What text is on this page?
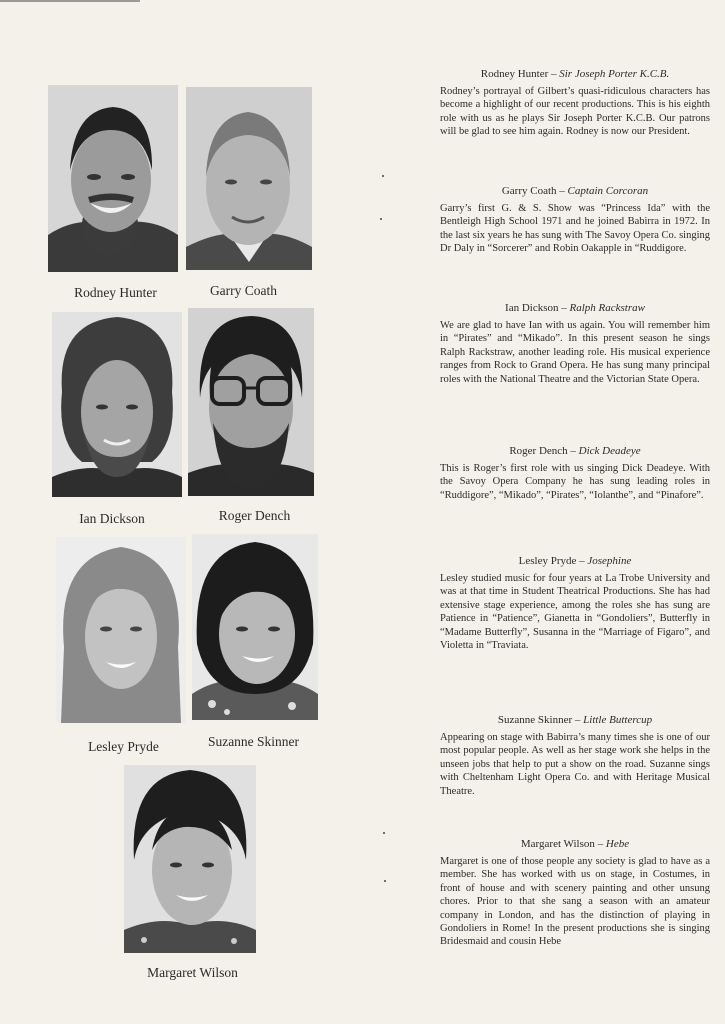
Rodney Hunter	Garry Coath
Ian Dickson	Roger Dench
Lesley Pryde	Suzanne Skinner
Margaret Wilson
Rodney Hunter – Sir Joseph Porter K.C.B.

Rodney’s portrayal of Gilbert’s quasi-ridiculous characters has become a highlight of our recent productions. This is his eighth role with us as he plays Sir Joseph Porter K.C.B. Our patrons will be glad to see him again. Rodney is now our President.

Garry Coath – Captain Corcoran

Garry’s first G. & S. Show was “Princess Ida” with the Bentleigh High School 1971 and he joined Babirra in 1972. In the last six years he has sung with The Savoy Opera Co. singing Dr Daly in “Sorcerer” and Robin Oakapple in “Ruddigore.

Ian Dickson – Ralph Rackstraw

We are glad to have Ian with us again. You will remember him in “Pirates” and “Mikado”. In this present season he sings Ralph Rackstraw, another leading role. His musical experience ranges from Rock to Grand Opera. He has sung many principal roles with the National Theatre and the Victorian State Opera.

Roger Dench – Dick Deadeye

This is Roger’s first role with us singing Dick Deadeye. With the Savoy Opera Company he has sung leading roles in “Ruddigore”, “Mikado”, “Pirates”, “Iolanthe”, and “Pinafore”.

Lesley Pryde – Josephine

Lesley studied music for four years at La Trobe University and was at that time in Student Theatrical Productions. She has had extensive stage experience, among the roles she has sung are Patience in “Patience”, Gianetta in “Gondoliers”, Butterfly in “Madame Butterfly”, Susanna in the “Marriage of Figaro”, and Violetta in “Traviata.

Suzanne Skinner – Little Buttercup

Appearing on stage with Babirra’s many times she is one of our most popular people. As well as her stage work she helps in the unseen jobs that help to put a show on the road. Suzanne sings with Cheltenham Light Opera Co. and with Heritage Musical Theatre.

Margaret Wilson – Hebe

Margaret is one of those people any society is glad to have as a member. She has worked with us on stage, in Costumes, in front of house and with scenery painting and other unsung chores. Prior to that she sang a season with an amateur company in London, and has the distinction of playing in Gondoliers in Rome! In the present productions she is singing Bridesmaid and cousin Hebe
